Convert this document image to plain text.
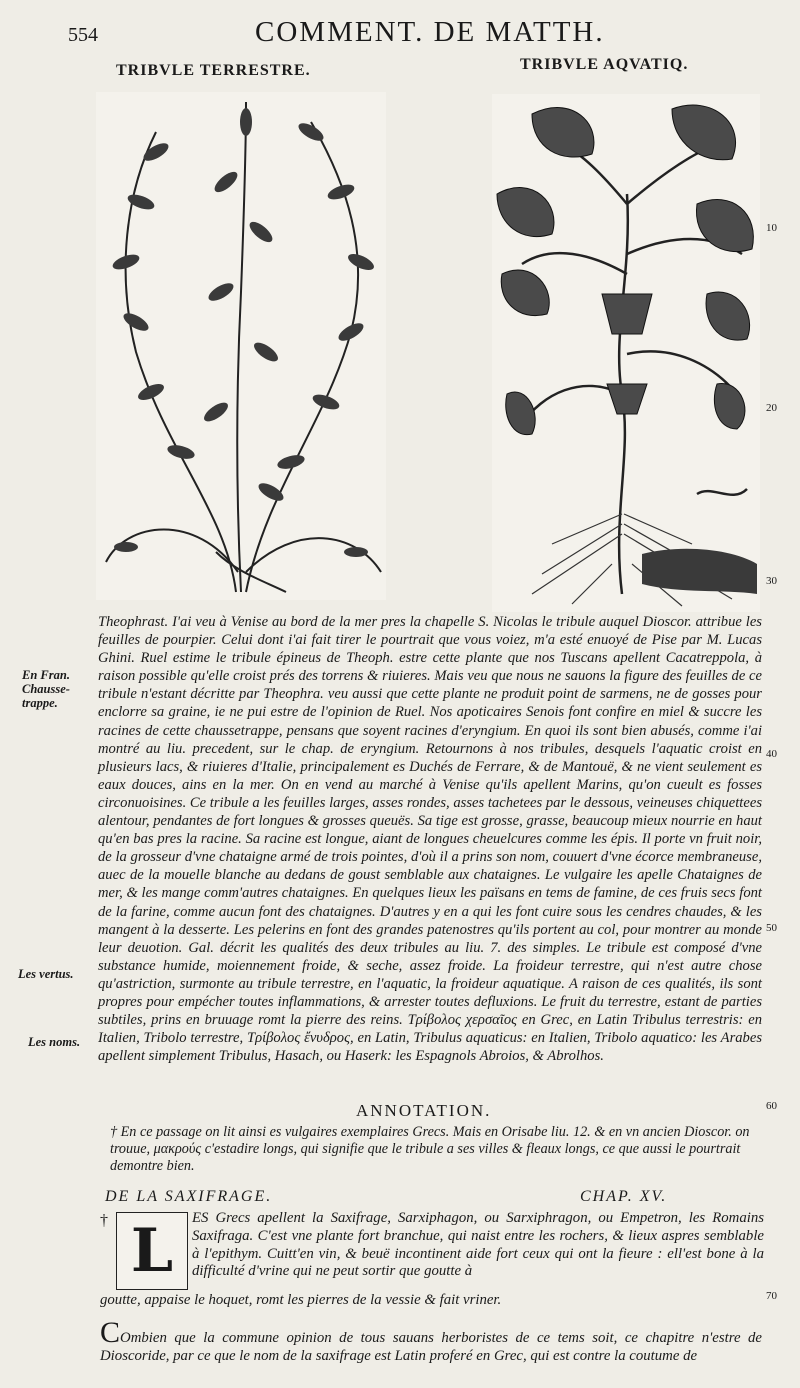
554	COMMENT. DE MATTH.
TRIBVLE TERRESTRE.	TRIBVLE AQVATIQ.
10
20
30
40
50
60
70
En Fran. Chausse-trappe.
Les vertus.
Les noms.

Theophrast. I'ai veu à Venise au bord de la mer pres la chapelle S. Nicolas le tribule auquel Dioscor. attribue les feuilles de pourpier. Celui dont i'ai fait tirer le pourtrait que vous voiez, m'a esté enuoyé de Pise par M. Lucas Ghini. Ruel estime le tribule épineus de Theoph. estre cette plante que nos Tuscans apellent Cacatreppola, à raison possible qu'elle croist prés des torrens & riuieres. Mais veu que nous ne sauons la figure des feuilles de ce tribule n'estant décritte par Theophra. veu aussi que cette plante ne produit point de sarmens, ne de gosses pour enclorre sa graine, ie ne pui estre de l'opinion de Ruel. Nos apoticaires Senois font confire en miel & succre les racines de cette chaussetrappe, pensans que soyent racines d'eryngium. En quoi ils sont bien abusés, comme i'ai montré au liu. precedent, sur le chap. de eryngium. Retournons à nos tribules, desquels l'aquatic croist en plusieurs lacs, & riuieres d'Italie, principalement es Duchés de Ferrare, & de Mantouë, & ne vient seulement es eaux douces, ains en la mer. On en vend au marché à Venise qu'ils apellent Marins, qu'on cueult es fosses circonuoisines. Ce tribule a les feuilles larges, asses rondes, asses tachetees par le dessous, veineuses chiquettees alentour, pendantes de fort longues & grosses queuës. Sa tige est grosse, grasse, beaucoup mieux nourrie en haut qu'en bas pres la racine. Sa racine est longue, aiant de longues cheuelcures comme les épis. Il porte vn fruit noir, de la grosseur d'vne chataigne armé de trois pointes, d'où il a prins son nom, couuert d'vne écorce membraneuse, auec de la mouelle blanche au dedans de goust semblable aux chataignes. Le vulgaire les apelle Chataignes de mer, & les mange comm'autres chataignes. En quelques lieux les païsans en tems de famine, de ces fruis secs font de la farine, comme aucun font des chataignes. D'autres y en a qui les font cuire sous les cendres chaudes, & les mangent à la desserte. Les pelerins en font des grandes patenostres qu'ils portent au col, pour montrer au monde leur deuotion. Gal. décrit les qualités des deux tribules au liu. 7. des simples. Le tribule est composé d'vne substance humide, moiennement froide, & seche, assez froide. La froideur terrestre, qui n'est autre chose qu'astriction, surmonte au tribule terrestre, en l'aquatic, la froideur aquatique. A raison de ces qualités, ils sont propres pour empécher toutes inflammations, & arrester toutes defluxions. Le fruit du terrestre, estant de parties subtiles, prins en bruuage romt la pierre des reins. Τρίβολος χερσαῖος en Grec, en Latin Tribulus terrestris: en Italien, Tribolo terrestre, Τρίβολος ἔνυδρος, en Latin, Tribulus aquaticus: en Italien, Tribolo aquatico: les Arabes apellent simplement Tribulus, Hasach, ou Haserk: les Espagnols Abroios, & Abrolhos.

ANNOTATION.
† En ce passage on lit ainsi es vulgaires exemplaires Grecs. Mais en Orisabe liu. 12. & en vn ancien Dioscor. on trouue, μακρούς c'estadire longs, qui signifie que le tribule a ses villes & fleaux longs, ce que aussi le pourtrait demontre bien.
DE LA SAXIFRAGE.	CHAP. XV.
† L	ES Grecs apellent la Saxifrage, Sarxiphagon, ou Sarxiphragon, ou Empetron, les Romains Saxifraga. C'est vne plante fort branchue, qui naist entre les rochers, & lieux aspres semblable à l'epithym. Cuitt'en vin, & beuë incontinent aide fort ceux qui ont la fieure : ell'est bone à la difficulté d'vrine qui ne peut sortir que goutte à
goutte, appaise le hoquet, romt les pierres de la vessie & fait vriner.
COmbien que la commune opinion de tous sauans herboristes de ce tems soit, ce chapitre n'estre de Dioscoride, par ce que le nom de la saxifrage est Latin proferé en Grec, qui est contre la coutume de
